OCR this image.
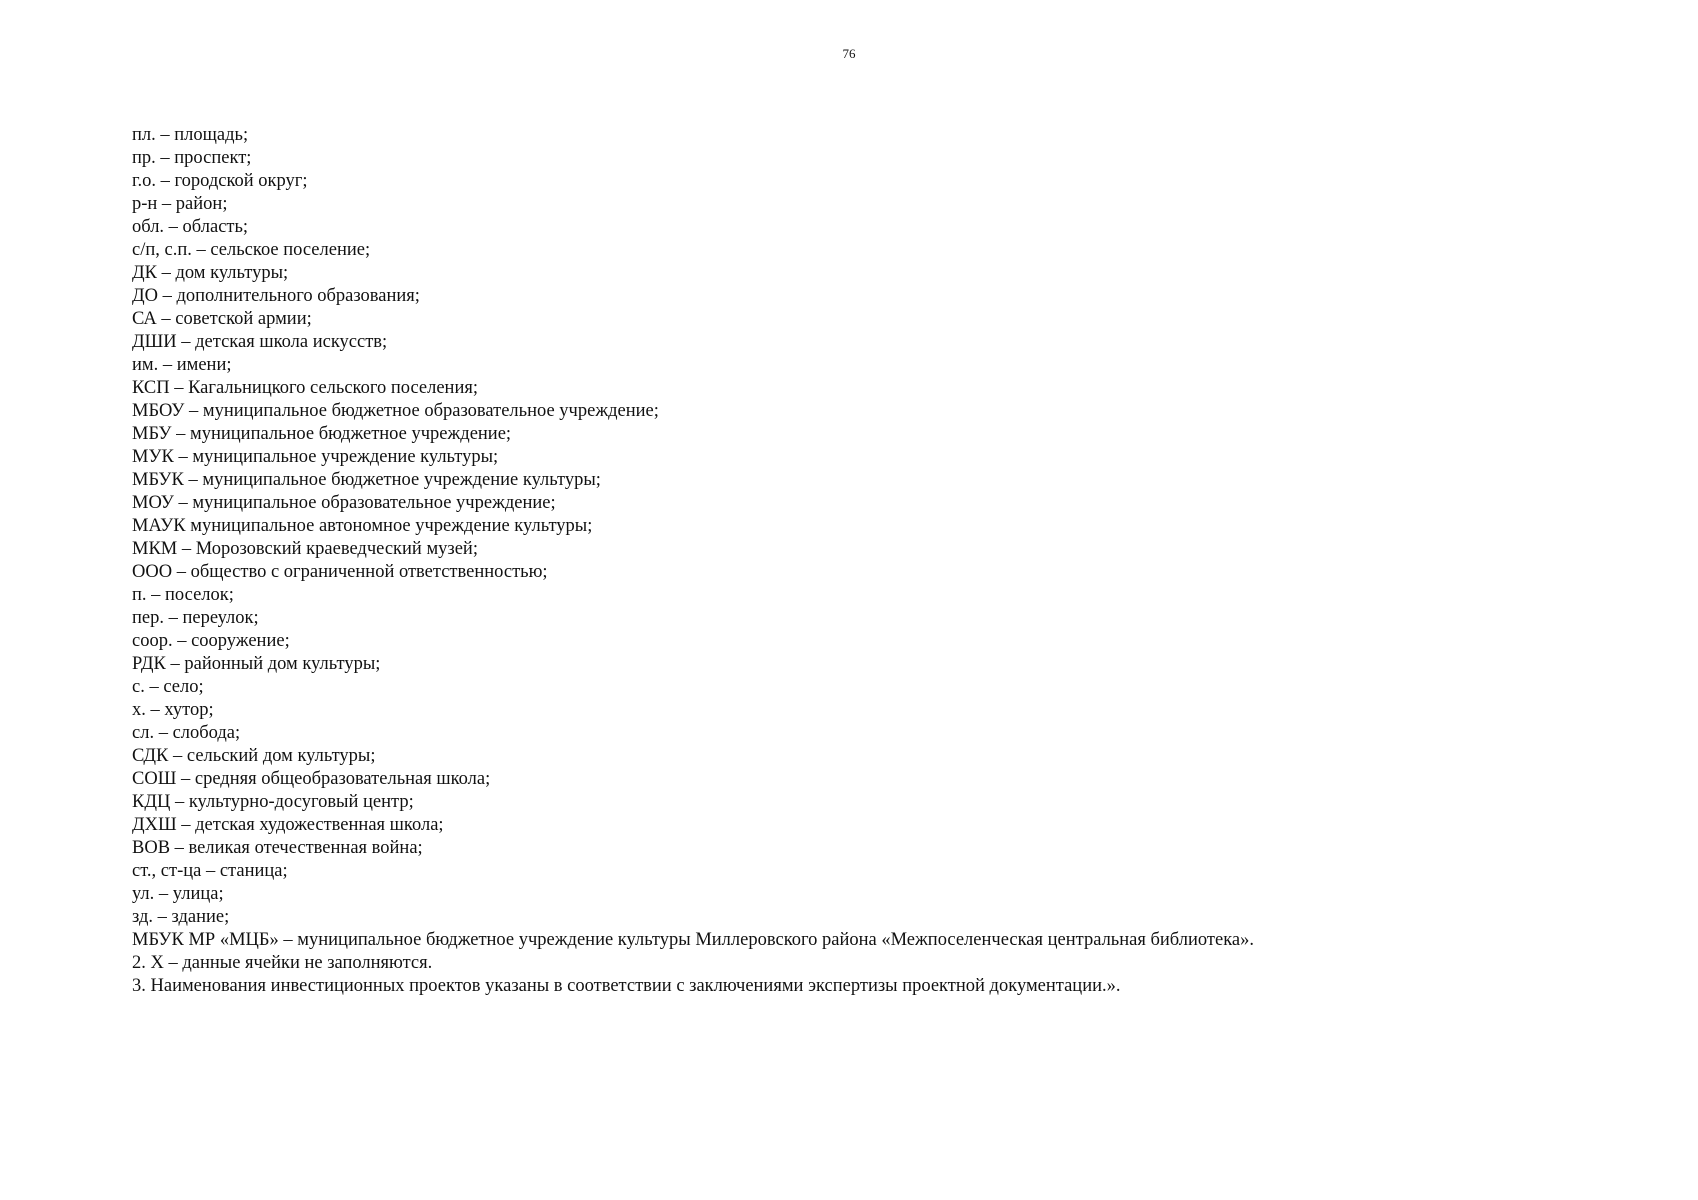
76
пл. – площадь;
пр. – проспект;
г.о. – городской округ;
р-н – район;
обл. – область;
с/п, с.п. – сельское поселение;
ДК – дом культуры;
ДО – дополнительного образования;
СА – советской армии;
ДШИ – детская школа искусств;
им. – имени;
КСП – Кагальницкого сельского поселения;
МБОУ – муниципальное бюджетное образовательное учреждение;
МБУ – муниципальное бюджетное учреждение;
МУК – муниципальное учреждение культуры;
МБУК – муниципальное бюджетное учреждение культуры;
МОУ – муниципальное образовательное учреждение;
МАУК муниципальное автономное учреждение культуры;
МКМ – Морозовский краеведческий музей;
ООО – общество с ограниченной ответственностью;
п. – поселок;
пер. – переулок;
соор. – сооружение;
РДК – районный дом культуры;
с. – село;
х. – хутор;
сл. – слобода;
СДК – сельский дом культуры;
СОШ – средняя общеобразовательная школа;
КДЦ – культурно-досуговый центр;
ДХШ – детская художественная школа;
ВОВ – великая отечественная война;
ст., ст-ца – станица;
ул. – улица;
зд. – здание;
МБУК МР «МЦБ» – муниципальное бюджетное учреждение культуры Миллеровского района «Межпоселенческая центральная библиотека».
2. Х – данные ячейки не заполняются.
3. Наименования инвестиционных проектов указаны в соответствии с заключениями экспертизы проектной документации.».
